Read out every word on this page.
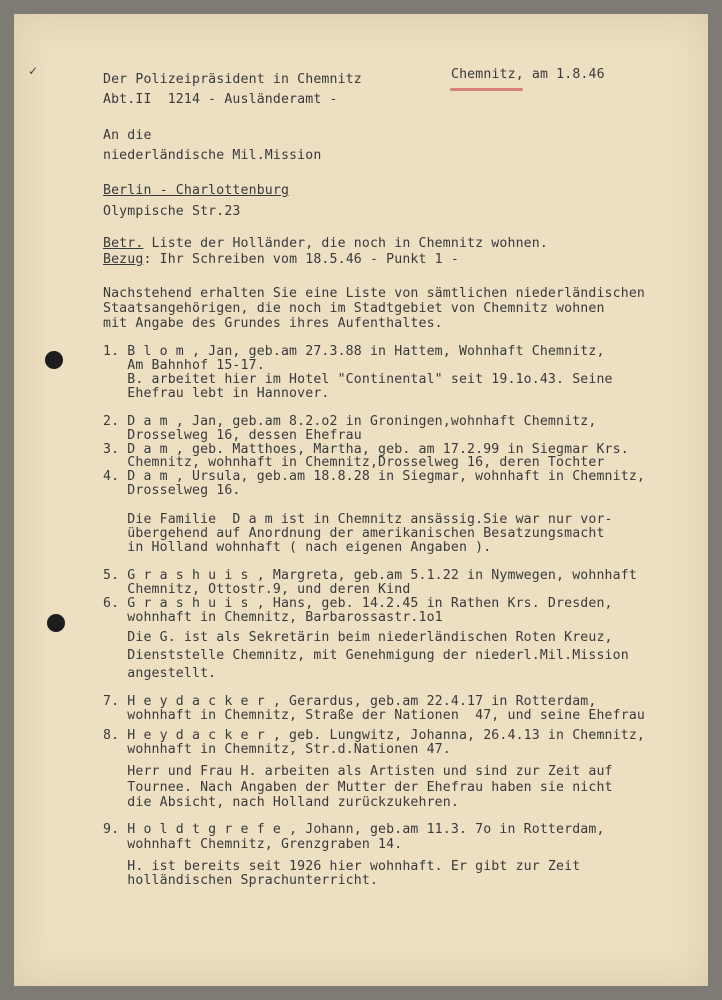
✓
Der Polizeipräsident in Chemnitz
Abt.II  1214 - Ausländeramt -
Chemnitz, am 1.8.46
An die
niederländische Mil.Mission
Berlin - Charlottenburg
Olympische Str.23
Betr. Liste der Holländer, die noch in Chemnitz wohnen.
Bezug: Ihr Schreiben vom 18.5.46 - Punkt 1 -
Nachstehend erhalten Sie eine Liste von sämtlichen niederländischen
Staatsangehörigen, die noch im Stadtgebiet von Chemnitz wohnen
mit Angabe des Grundes ihres Aufenthaltes.
1. B l o m , Jan, geb.am 27.3.88 in Hattem, Wohnhaft Chemnitz,
Am Bahnhof 15-17.
B. arbeitet hier im Hotel "Continental" seit 19.1o.43. Seine
Ehefrau lebt in Hannover.
2. D a m , Jan, geb.am 8.2.o2 in Groningen,wohnhaft Chemnitz,
Drosselweg 16, dessen Ehefrau
3. D a m , geb. Matthoes, Martha, geb. am 17.2.99 in Siegmar Krs.
Chemnitz, wohnhaft in Chemnitz,Drosselweg 16, deren Tochter
4. D a m , Ursula, geb.am 18.8.28 in Siegmar, wohnhaft in Chemnitz,
Drosselweg 16.
Die Familie  D a m ist in Chemnitz ansässig.Sie war nur vor-
übergehend auf Anordnung der amerikanischen Besatzungsmacht
in Holland wohnhaft ( nach eigenen Angaben ).
5. G r a s h u i s , Margreta, geb.am 5.1.22 in Nymwegen, wohnhaft
Chemnitz, Ottostr.9, und deren Kind
6. G r a s h u i s , Hans, geb. 14.2.45 in Rathen Krs. Dresden,
wohnhaft in Chemnitz, Barbarossastr.1o1
Die G. ist als Sekretärin beim niederländischen Roten Kreuz,
Dienststelle Chemnitz, mit Genehmigung der niederl.Mil.Mission
angestellt.
7. H e y d a c k e r , Gerardus, geb.am 22.4.17 in Rotterdam,
wohnhaft in Chemnitz, Straße der Nationen  47, und seine Ehefrau
8. H e y d a c k e r , geb. Lungwitz, Johanna, 26.4.13 in Chemnitz,
wohnhaft in Chemnitz, Str.d.Nationen 47.
Herr und Frau H. arbeiten als Artisten und sind zur Zeit auf
Tournee. Nach Angaben der Mutter der Ehefrau haben sie nicht
die Absicht, nach Holland zurückzukehren.
9. H o l d t g r e f e , Johann, geb.am 11.3. 7o in Rotterdam,
wohnhaft Chemnitz, Grenzgraben 14.
H. ist bereits seit 1926 hier wohnhaft. Er gibt zur Zeit
holländischen Sprachunterricht.
